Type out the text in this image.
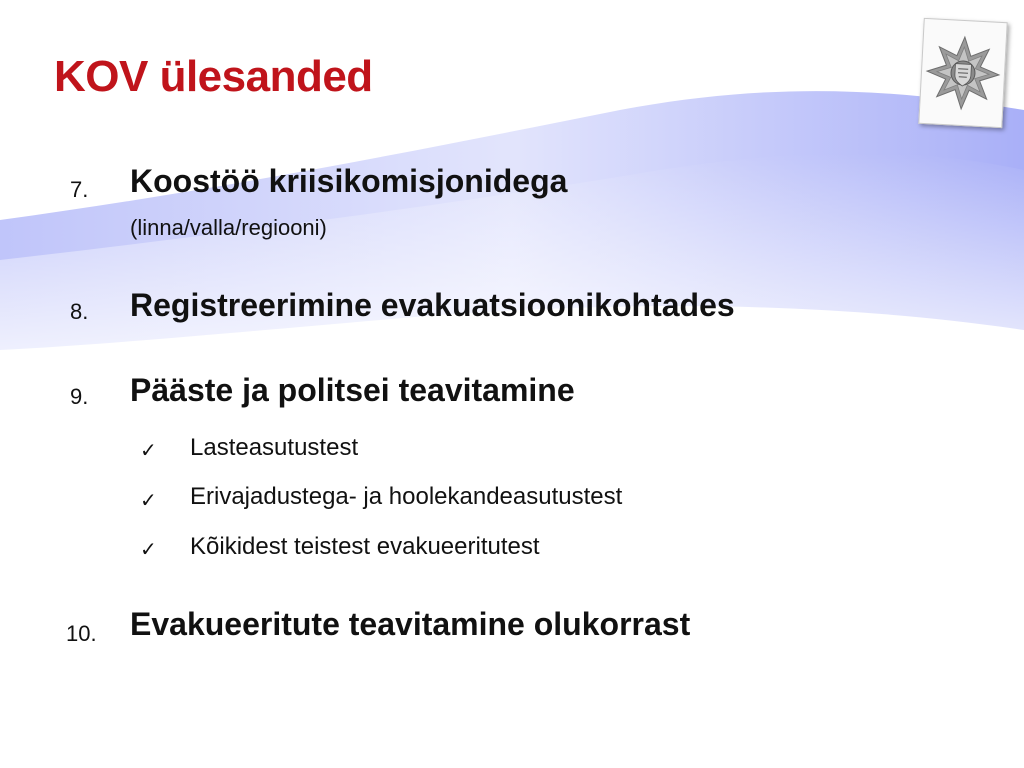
KOV ülesanded
7. Koostöö kriisikomisjonidega
(linna/valla/regiooni)
8. Registreerimine evakuatsioonikohtades
9. Pääste ja politsei teavitamine
✓ Lasteasutustest
✓ Erivajadustega- ja hoolekandeasutustest
✓ Kõikidest teistest evakueeritutest
10. Evakueeritute teavitamine olukorrast
